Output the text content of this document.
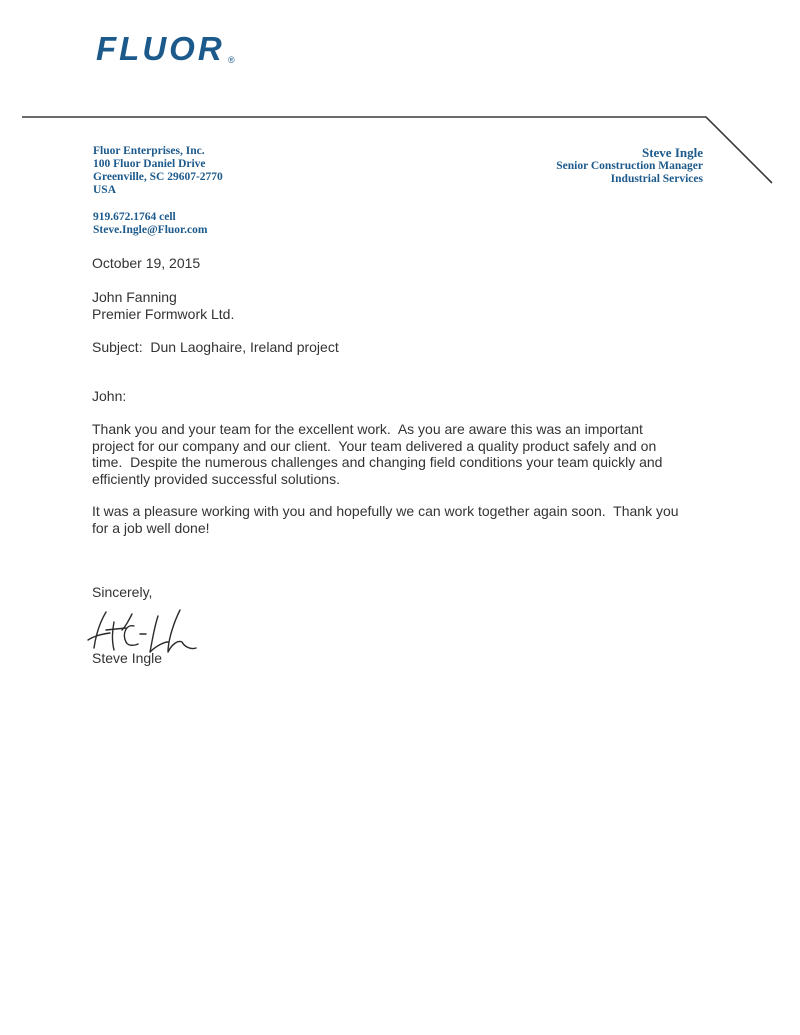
FLUOR ®
Fluor Enterprises, Inc.
100 Fluor Daniel Drive
Greenville, SC 29607-2770
USA
919.672.1764 cell
Steve.Ingle@Fluor.com
Steve Ingle
Senior Construction Manager
Industrial Services
October 19, 2015
John Fanning
Premier Formwork Ltd.
Subject:  Dun Laoghaire, Ireland project
John:
Thank you and your team for the excellent work.  As you are aware this was an important
project for our company and our client.  Your team delivered a quality product safely and on
time.  Despite the numerous challenges and changing field conditions your team quickly and
efficiently provided successful solutions.
It was a pleasure working with you and hopefully we can work together again soon.  Thank you
for a job well done!
Sincerely,
Steve Ingle
